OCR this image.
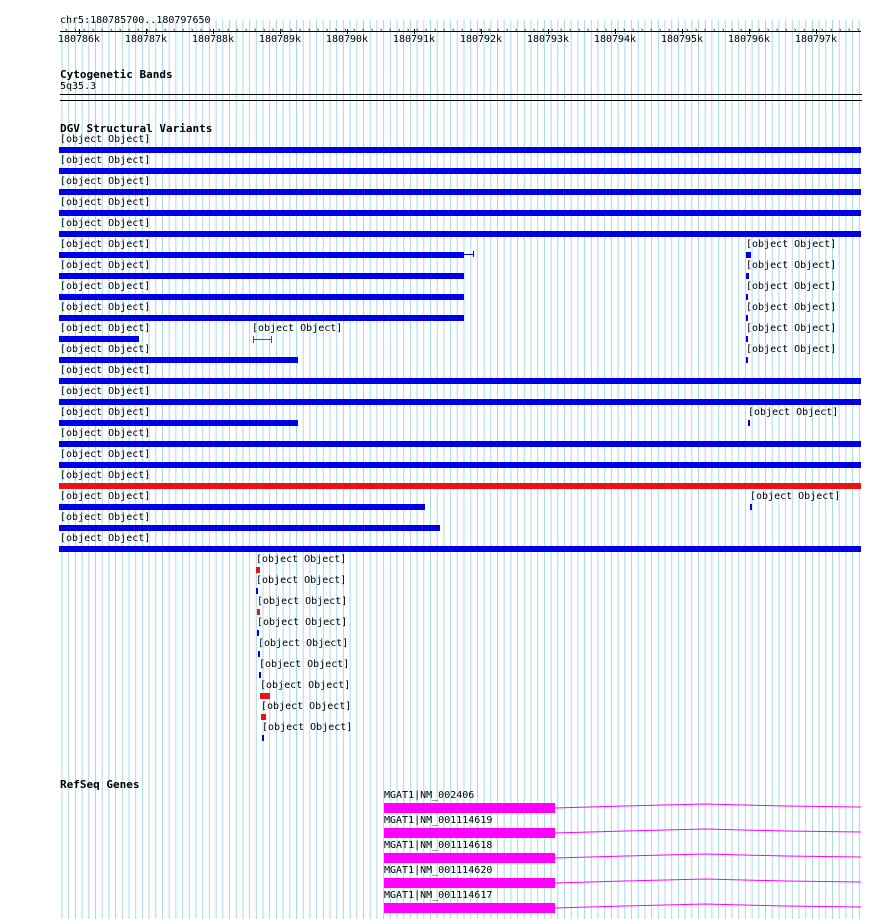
chr5:180785700..180797650
180786k 180787k 180788k 180789k 180790k 180791k 180792k 180793k 180794k 180795k 180796k 180797k
› › › › › › › › › › › › › › › › › › › › › › › › › › › › › › › › › › › › › › › › › › › › › › › › › › › › › › › › › › › › › › › › › › › › › › › › › › › › › › › › › › › › › › › › ›
Cytogenetic Bands
5q35.3
DGV Structural Variants
[object Object]
[object Object]
[object Object]
[object Object]
[object Object]
[object Object]
[object Object]
[object Object]
[object Object]
[object Object]
[object Object]
[object Object]
[object Object]
[object Object]
[object Object]
[object Object]
[object Object]
[object Object]
[object Object]
[object Object]
[object Object]
[object Object]
[object Object]
[object Object]
[object Object]
[object Object]
[object Object]
[object Object]
[object Object]
[object Object]
[object Object]
[object Object]
[object Object]
[object Object]
[object Object]
[object Object]
[object Object]
[object Object]
RefSeq Genes
MGAT1|NM_002406
MGAT1|NM_001114619
MGAT1|NM_001114618
MGAT1|NM_001114620
MGAT1|NM_001114617
